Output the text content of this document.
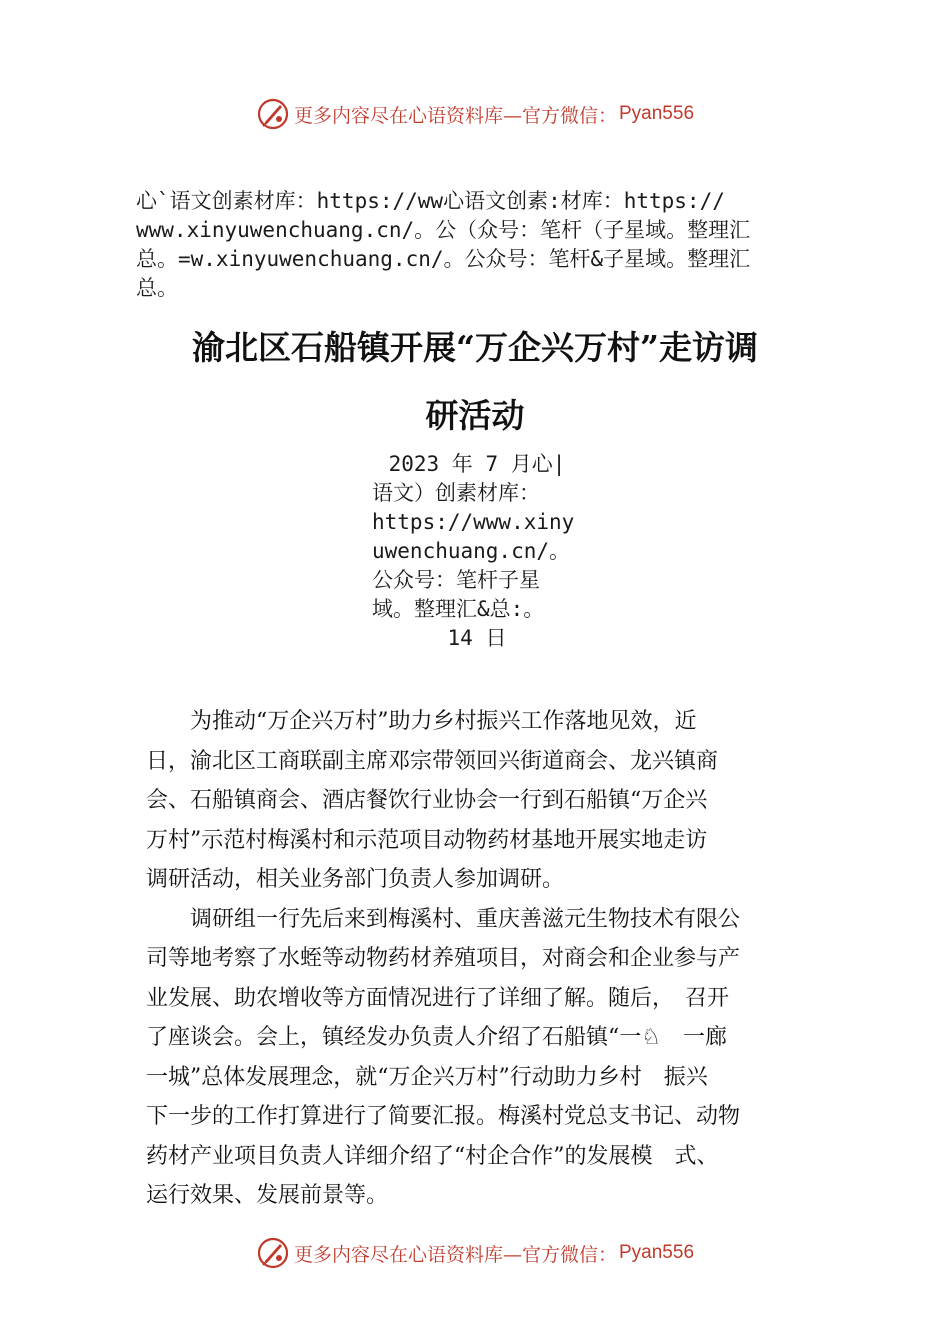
更多内容尽在心语资料库—官方微信： Pyan556

心`语文创素材库：https://ww心语文创素:材库：https://

www.xinyuwenchuang.cn/。公（众号：笔杆（子星域。整理汇

总。=w.xinyuwenchuang.cn/。公众号：笔杆&子星域。整理汇

总。

渝北区石船镇开展“万企兴万村”走访调
研活动

2023 年 7 月心|

语文）创素材库：

https://www.xiny

uwenchuang.cn/。

公众号：笔杆子星

域。整理汇&总:。

14 日

　　为推动“万企兴万村”助力乡村振兴工作落地见效，近

日，渝北区工商联副主席邓宗带领回兴街道商会、龙兴镇商

会、石船镇商会、酒店餐饮行业协会一行到石船镇“万企兴

万村”示范村梅溪村和示范项目动物药材基地开展实地走访

调研活动，相关业务部门负责人参加调研。

　　调研组一行先后来到梅溪村、重庆善滋元生物技术有限公

司等地考察了水蛭等动物药材养殖项目，对商会和企业参与产

业发展、助农增收等方面情况进行了详细了解。随后，　召开

了座谈会。会上，镇经发办负责人介绍了石船镇“一♘　一廊

一城”总体发展理念，就“万企兴万村”行动助力乡村　振兴

下一步的工作打算进行了简要汇报。梅溪村党总支书记、动物

药材产业项目负责人详细介绍了“村企合作”的发展模　式、

运行效果、发展前景等。

更多内容尽在心语资料库—官方微信： Pyan556
